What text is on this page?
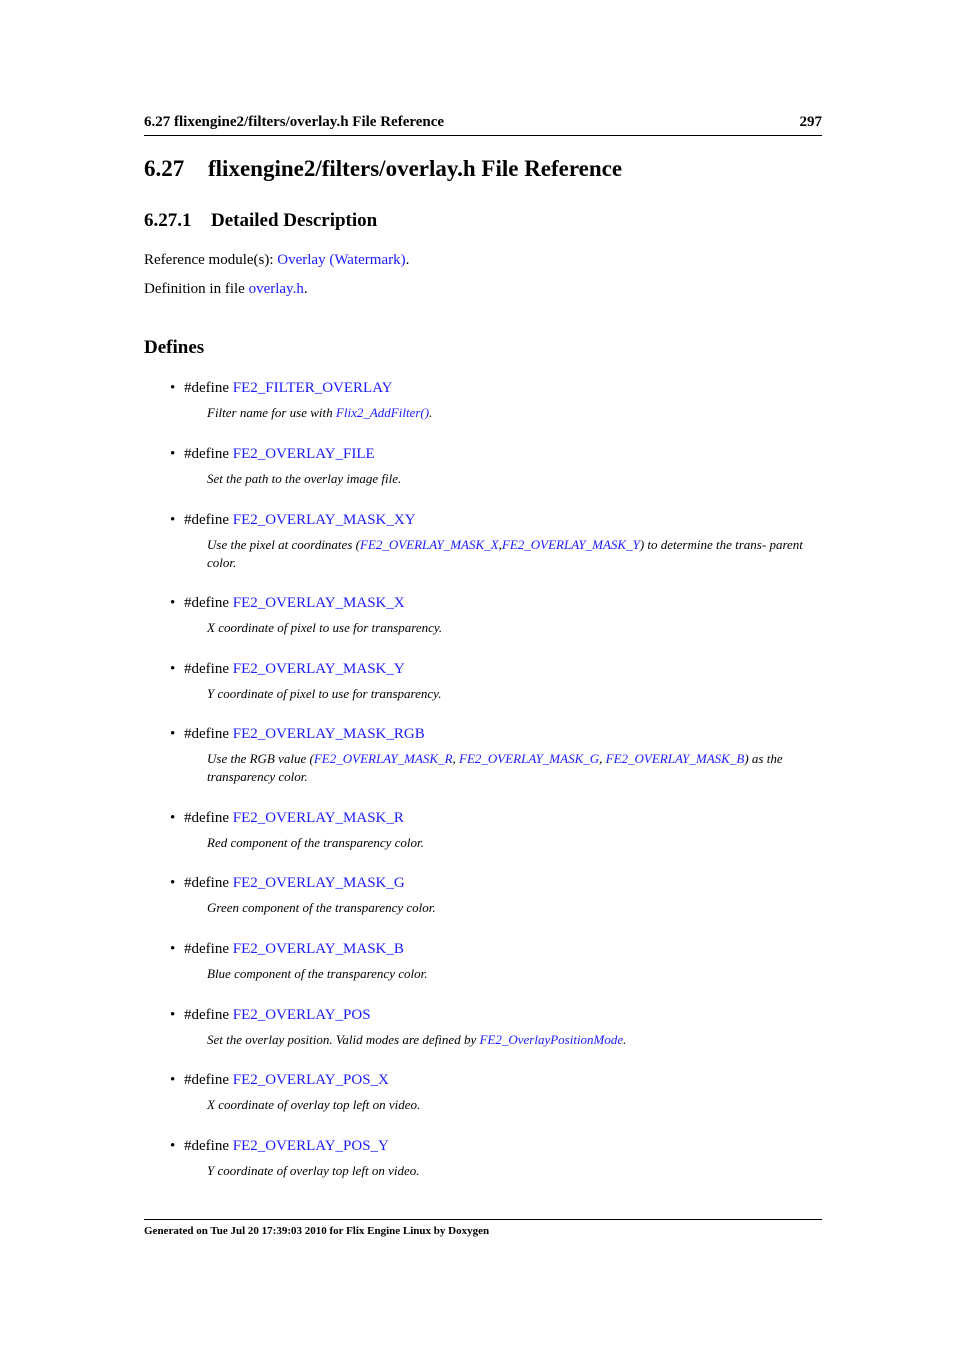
6.27 flixengine2/filters/overlay.h File Reference	297
6.27 flixengine2/filters/overlay.h File Reference
6.27.1 Detailed Description

Reference module(s): Overlay (Watermark).

Definition in file overlay.h.

Defines
• #define FE2_FILTER_OVERLAY
Filter name for use with Flix2_AddFilter().
• #define FE2_OVERLAY_FILE
Set the path to the overlay image file.
• #define FE2_OVERLAY_MASK_XY
Use the pixel at coordinates (FE2_OVERLAY_MASK_X,FE2_OVERLAY_MASK_Y) to determine the trans- parent color.
• #define FE2_OVERLAY_MASK_X
X coordinate of pixel to use for transparency.
• #define FE2_OVERLAY_MASK_Y
Y coordinate of pixel to use for transparency.
• #define FE2_OVERLAY_MASK_RGB
Use the RGB value (FE2_OVERLAY_MASK_R, FE2_OVERLAY_MASK_G, FE2_OVERLAY_MASK_B) as the transparency color.
• #define FE2_OVERLAY_MASK_R
Red component of the transparency color.
• #define FE2_OVERLAY_MASK_G
Green component of the transparency color.
• #define FE2_OVERLAY_MASK_B
Blue component of the transparency color.
• #define FE2_OVERLAY_POS
Set the overlay position. Valid modes are defined by FE2_OverlayPositionMode.
• #define FE2_OVERLAY_POS_X
X coordinate of overlay top left on video.
• #define FE2_OVERLAY_POS_Y
Y coordinate of overlay top left on video.
Generated on Tue Jul 20 17:39:03 2010 for Flix Engine Linux by Doxygen
